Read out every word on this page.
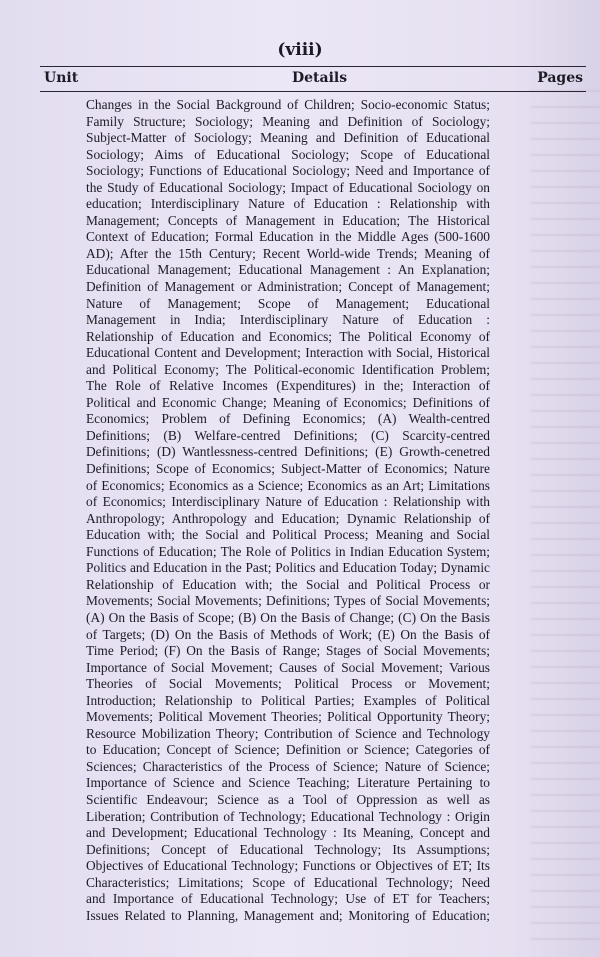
(viii)
Unit	Details	Pages
Changes in the Social Background of Children; Socio-economic Status;
Family Structure; Sociology; Meaning and Definition of Sociology;
Subject-Matter of Sociology; Meaning and Definition of Educational
Sociology; Aims of Educational Sociology; Scope of Educational
Sociology; Functions of Educational Sociology; Need and Importance of
the Study of Educational Sociology; Impact of Educational Sociology on
education; Interdisciplinary Nature of Education : Relationship with
Management; Concepts of Management in Education; The Historical
Context of Education; Formal Education in the Middle Ages (500-1600
AD); After the 15th Century; Recent World-wide Trends; Meaning of
Educational Management; Educational Management : An Explanation;
Definition of Management or Administration; Concept of Management;
Nature of Management; Scope of Management; Educational
Management in India; Interdisciplinary Nature of Education :
Relationship of Education and Economics; The Political Economy of
Educational Content and Development; Interaction with Social, Historical
and Political Economy; The Political-economic Identification Problem;
The Role of Relative Incomes (Expenditures) in the; Interaction of
Political and Economic Change; Meaning of Economics; Definitions of
Economics; Problem of Defining Economics; (A) Wealth-centred
Definitions; (B) Welfare-centred Definitions; (C) Scarcity-centred
Definitions; (D) Wantlessness-centred Definitions; (E) Growth-cenetred
Definitions; Scope of Economics; Subject-Matter of Economics; Nature
of Economics; Economics as a Science; Economics as an Art; Limitations
of Economics; Interdisciplinary Nature of Education : Relationship with
Anthropology; Anthropology and Education; Dynamic Relationship of
Education with; the Social and Political Process; Meaning and Social
Functions of Education; The Role of Politics in Indian Education System;
Politics and Education in the Past; Politics and Education Today; Dynamic
Relationship of Education with; the Social and Political Process or
Movements; Social Movements; Definitions; Types of Social Movements;
(A) On the Basis of Scope; (B) On the Basis of Change; (C) On the Basis
of Targets; (D) On the Basis of Methods of Work; (E) On the Basis of
Time Period; (F) On the Basis of Range; Stages of Social Movements;
Importance of Social Movement; Causes of Social Movement; Various
Theories of Social Movements; Political Process or Movement;
Introduction; Relationship to Political Parties; Examples of Political
Movements; Political Movement Theories; Political Opportunity Theory;
Resource Mobilization Theory; Contribution of Science and Technology
to Education; Concept of Science; Definition or Science; Categories of
Sciences; Characteristics of the Process of Science; Nature of Science;
Importance of Science and Science Teaching; Literature Pertaining to
Scientific Endeavour; Science as a Tool of Oppression as well as
Liberation; Contribution of Technology; Educational Technology : Origin
and Development; Educational Technology : Its Meaning, Concept and
Definitions; Concept of Educational Technology; Its Assumptions;
Objectives of Educational Technology; Functions or Objectives of ET; Its
Characteristics; Limitations; Scope of Educational Technology; Need
and Importance of Educational Technology; Use of ET for Teachers;
Issues Related to Planning, Management and; Monitoring of Education;
